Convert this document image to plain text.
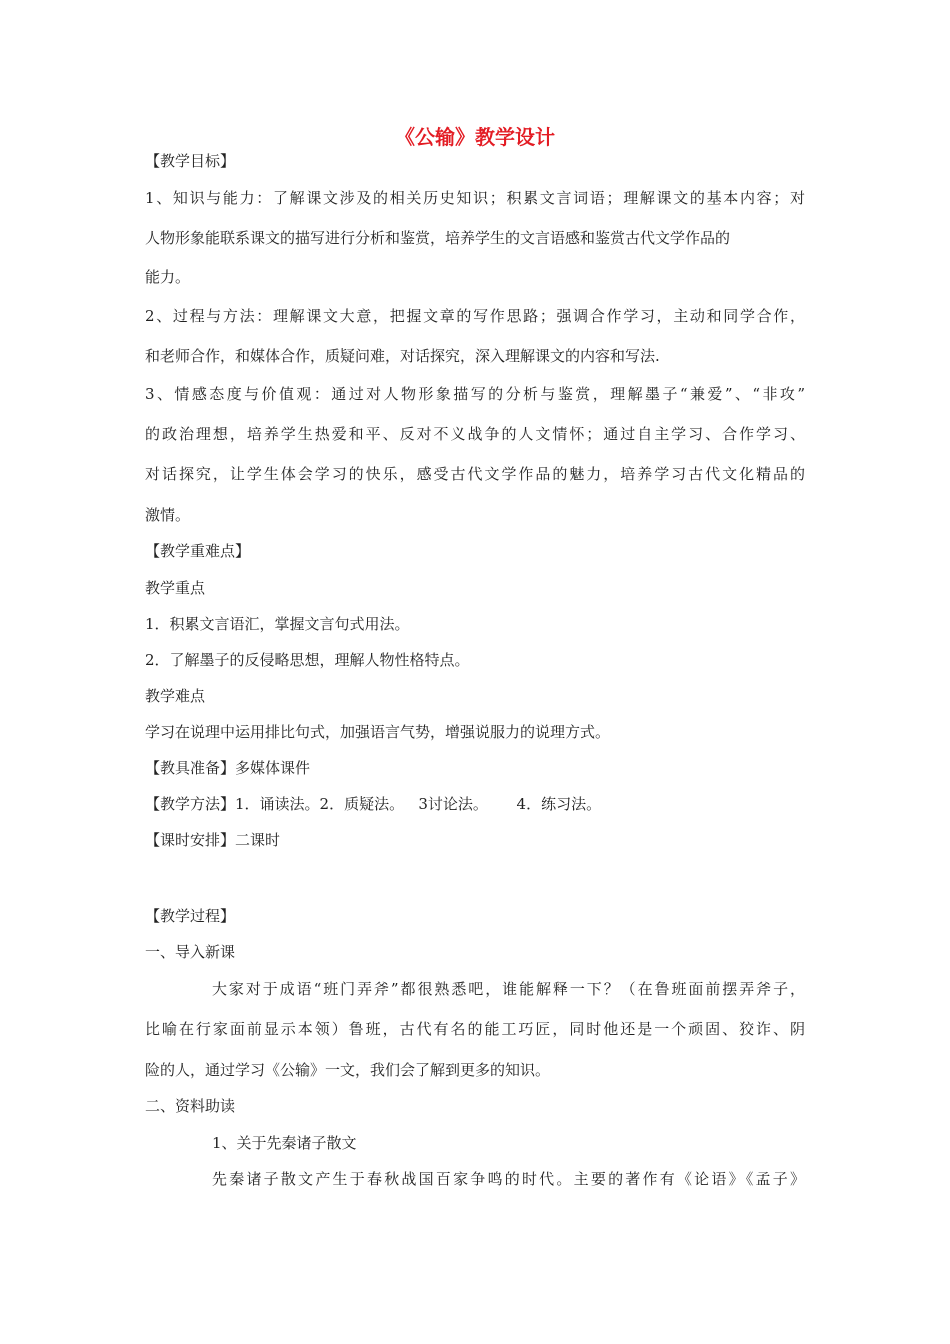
《公输》教学设计
【教学目标】
1、知识与能力：了解课文涉及的相关历史知识；积累文言词语；理解课文的基本内容；对
人物形象能联系课文的描写进行分析和鉴赏，培养学生的文言语感和鉴赏古代文学作品的
能力。
2、过程与方法：理解课文大意，把握文章的写作思路；强调合作学习，主动和同学合作，
和老师合作，和媒体合作，质疑问难，对话探究，深入理解课文的内容和写法.
3、情感态度与价值观：通过对人物形象描写的分析与鉴赏，理解墨子“兼爱”、“非攻”
的政治理想，培养学生热爱和平、反对不义战争的人文情怀；通过自主学习、合作学习、
对话探究，让学生体会学习的快乐，感受古代文学作品的魅力，培养学习古代文化精品的
激情。
【教学重难点】
教学重点
1．积累文言语汇，掌握文言句式用法。
2．了解墨子的反侵略思想，理解人物性格特点。
教学难点
学习在说理中运用排比句式，加强语言气势，增强说服力的说理方式。
【教具准备】多媒体课件
【教学方法】1．诵读法。2．质疑法。   3讨论法。      4．练习法。
【课时安排】二课时
【教学过程】
一、导入新课
大家对于成语“班门弄斧”都很熟悉吧，谁能解释一下？（在鲁班面前摆弄斧子，
比喻在行家面前显示本领）鲁班，古代有名的能工巧匠，同时他还是一个顽固、狡诈、阴
险的人，通过学习《公输》一文，我们会了解到更多的知识。
二、资料助读
1、关于先秦诸子散文
先秦诸子散文产生于春秋战国百家争鸣的时代。主要的著作有《论语》《孟子》
